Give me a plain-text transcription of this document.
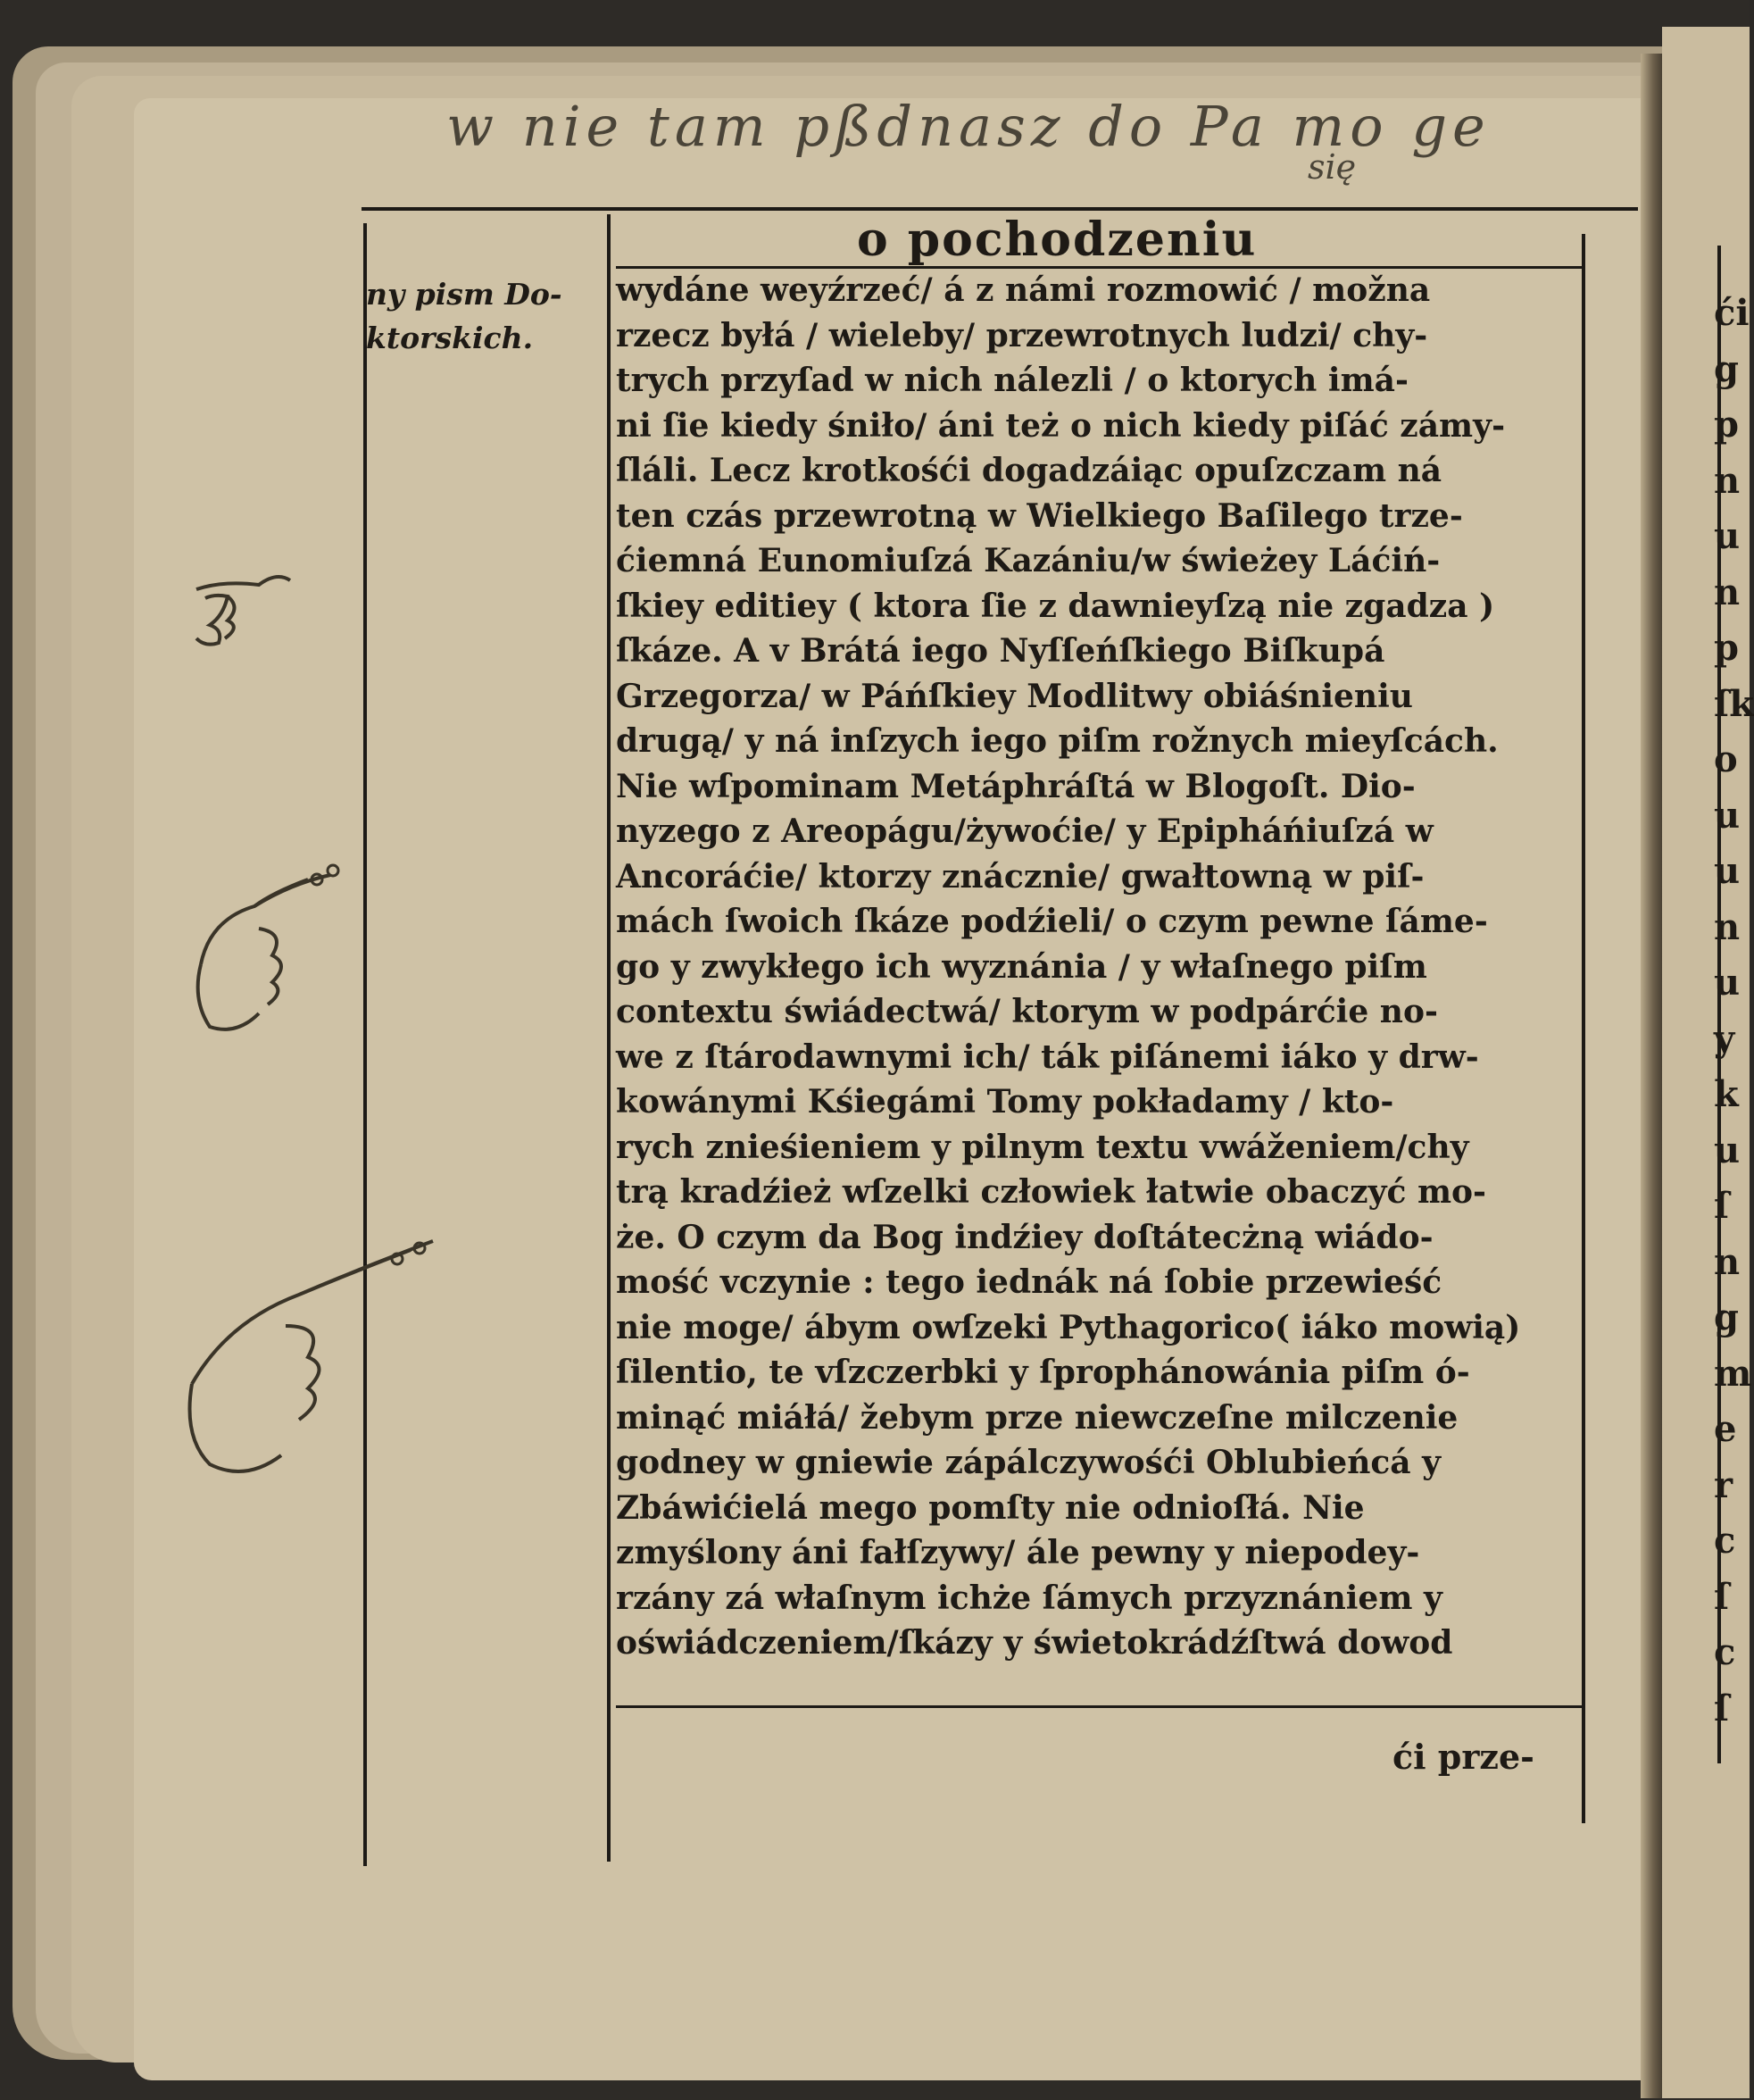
w nie tam pßdnasz do Pa mo ge
się
o pochodzeniu
ny pism Do-ktorskich.
wydáne weyźrzeć/ á z námi rozmowić / možna
rzecz byłá / wieleby/ przewrotnych ludzi/ chy-
trych przyſad w nich nálezli / o ktorych imá-
ni ſie kiedy śniło/ áni też o nich kiedy piſáć zámy-
ſláli. Lecz krotkośći dogadzáiąc opuſzczam ná
ten czás przewrotną w Wielkiego Baſilego trze-
ćiemná Eunomiuſzá Kazániu/w świeżey Láćiń-
ſkiey editiey ( ktora ſie z dawnieyſzą nie zgadza )
ſkáze. A v Brátá iego Nyſſeńſkiego Biſkupá
Grzegorza/ w Páńſkiey Modlitwy obiáśnieniu
drugą/ y ná inſzych iego piſm rožnych mieyſcách.
Nie wſpominam Metáphráſtá w Blogoſt. Dio-
nyzego z Areopágu/żywoćie/ y Epipháńiuſzá w
Ancoráćie/ ktorzy znácznie/ gwałtowną w piſ-
mách ſwoich ſkáze podźieli/ o czym pewne ſáme-
go y zwykłego ich wyznánia / y właſnego piſm
contextu świádectwá/ ktorym w podpárćie no-
we z ſtárodawnymi ich/ ták piſánemi iáko y drw-
kowánymi Kśiegámi Tomy pokładamy / kto-
rych znieśieniem y pilnym textu vwáženiem/chy
trą kradźież wſzelki człowiek łatwie obaczyć mo-
że. O czym da Bog indźiey doſtátecżną wiádo-
mość vczynie : tego iednák ná ſobie przewieść
nie moge/ ábym owſzeki Pythagorico( iáko mowią)
ſilentio, te vſzczerbki y ſprophánowánia piſm ó-
minąć miáłá/ žebym prze niewczeſne milczenie
godney w gniewie zápálczywośći Oblubieńcá y
Zbáwićielá mego pomſty nie odnioſłá. Nie
zmyślony áni fałſzywy/ ále pewny y niepodey-
rzány zá właſnym ichże ſámych przyznániem y
oświádczeniem/ſkázy y świetokrádźſtwá dowod
ći prze-
ći
g
p
n
u
n
p
ſk
o
u
u
n
u
y
k
u
ſ
n
g
m
e
r
c
ſ
c
ſ
